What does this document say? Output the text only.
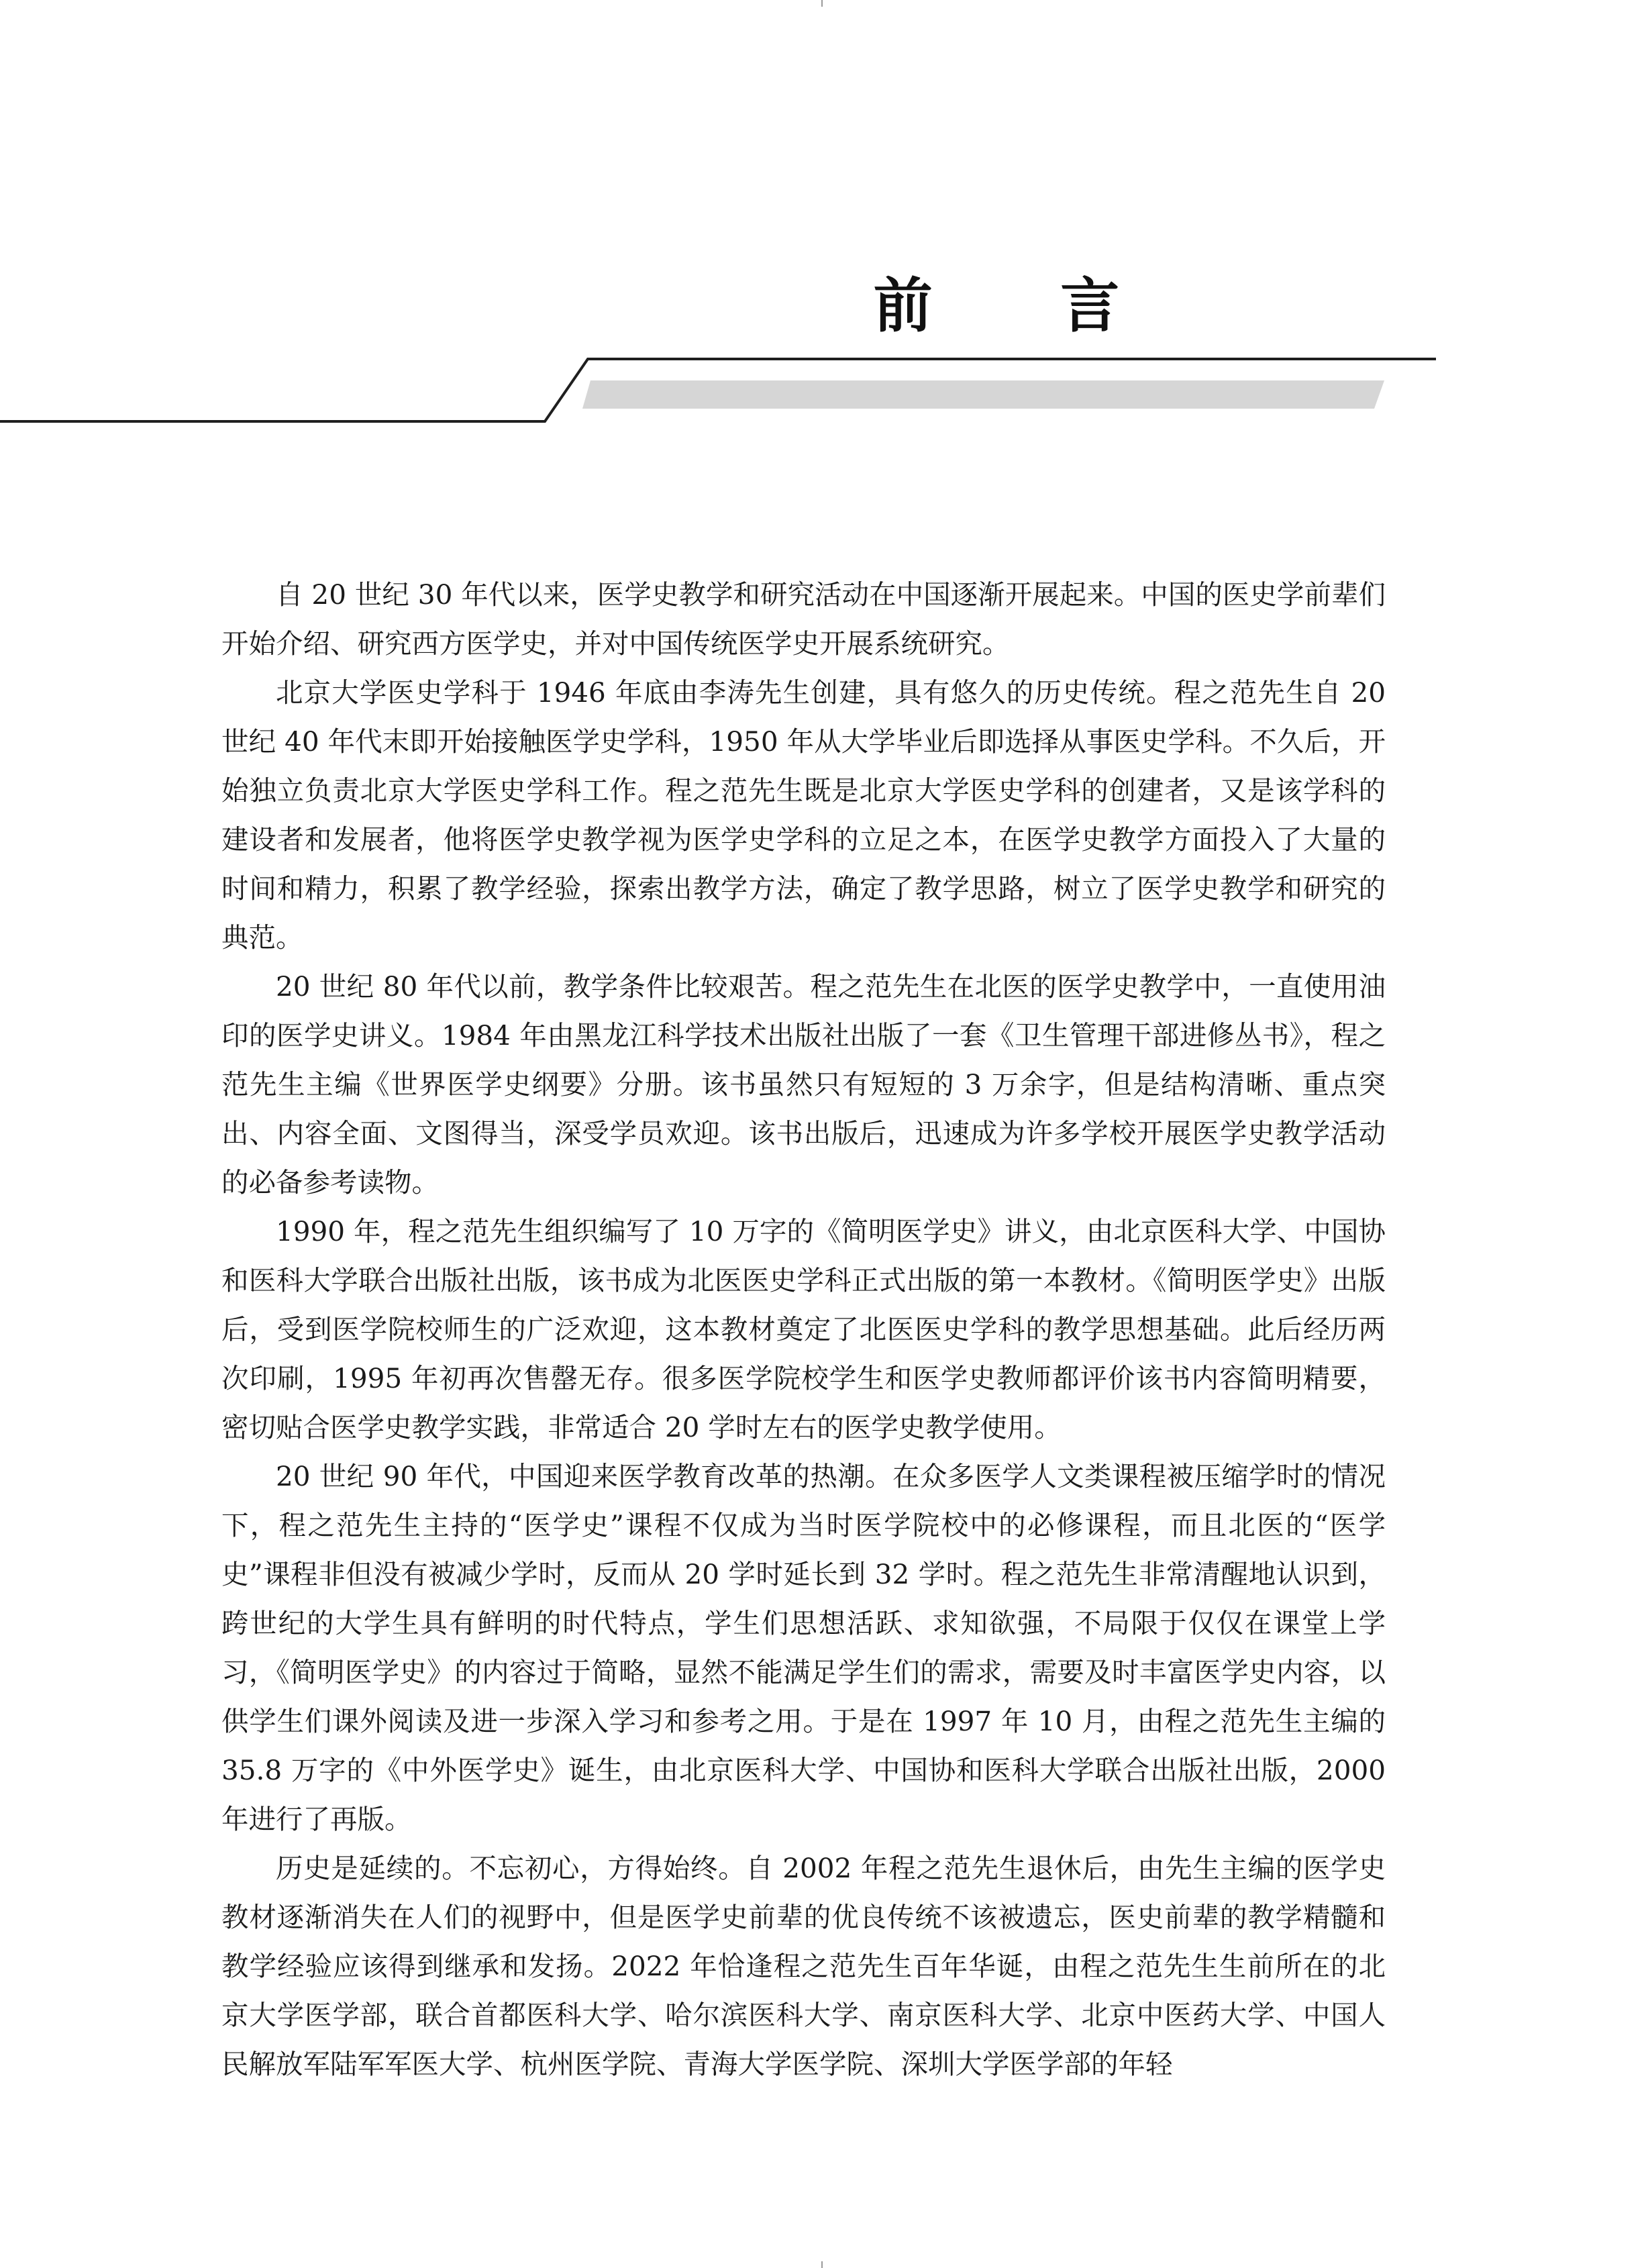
前 言

自 20 世纪 30 年代以来，医学史教学和研究活动在中国逐渐开展起来。中国的医史学前辈们开始介绍、研究西方医学史，并对中国传统医学史开展系统研究。

北京大学医史学科于 1946 年底由李涛先生创建，具有悠久的历史传统。程之范先生自 20 世纪 40 年代末即开始接触医学史学科，1950 年从大学毕业后即选择从事医史学科。不久后，开始独立负责北京大学医史学科工作。程之范先生既是北京大学医史学科的创建者，又是该学科的建设者和发展者，他将医学史教学视为医学史学科的立足之本，在医学史教学方面投入了大量的时间和精力，积累了教学经验，探索出教学方法，确定了教学思路，树立了医学史教学和研究的典范。

20 世纪 80 年代以前，教学条件比较艰苦。程之范先生在北医的医学史教学中，一直使用油印的医学史讲义。1984 年由黑龙江科学技术出版社出版了一套《卫生管理干部进修丛书》，程之范先生主编《世界医学史纲要》分册。该书虽然只有短短的 3 万余字，但是结构清晰、重点突出、内容全面、文图得当，深受学员欢迎。该书出版后，迅速成为许多学校开展医学史教学活动的必备参考读物。

1990 年，程之范先生组织编写了 10 万字的《简明医学史》讲义，由北京医科大学、中国协和医科大学联合出版社出版，该书成为北医医史学科正式出版的第一本教材。《简明医学史》出版后，受到医学院校师生的广泛欢迎，这本教材奠定了北医医史学科的教学思想基础。此后经历两次印刷，1995 年初再次售罄无存。很多医学院校学生和医学史教师都评价该书内容简明精要，密切贴合医学史教学实践，非常适合 20 学时左右的医学史教学使用。

20 世纪 90 年代，中国迎来医学教育改革的热潮。在众多医学人文类课程被压缩学时的情况下，程之范先生主持的“医学史”课程不仅成为当时医学院校中的必修课程，而且北医的“医学史”课程非但没有被减少学时，反而从 20 学时延长到 32 学时。程之范先生非常清醒地认识到，跨世纪的大学生具有鲜明的时代特点，学生们思想活跃、求知欲强，不局限于仅仅在课堂上学习，《简明医学史》的内容过于简略，显然不能满足学生们的需求，需要及时丰富医学史内容，以供学生们课外阅读及进一步深入学习和参考之用。于是在 1997 年 10 月，由程之范先生主编的 35.8 万字的《中外医学史》诞生，由北京医科大学、中国协和医科大学联合出版社出版，2000 年进行了再版。

历史是延续的。不忘初心，方得始终。自 2002 年程之范先生退休后，由先生主编的医学史教材逐渐消失在人们的视野中，但是医学史前辈的优良传统不该被遗忘，医史前辈的教学精髓和教学经验应该得到继承和发扬。2022 年恰逢程之范先生百年华诞，由程之范先生生前所在的北京大学医学部，联合首都医科大学、哈尔滨医科大学、南京医科大学、北京中医药大学、中国人民解放军陆军军医大学、杭州医学院、青海大学医学院、深圳大学医学部的年轻
